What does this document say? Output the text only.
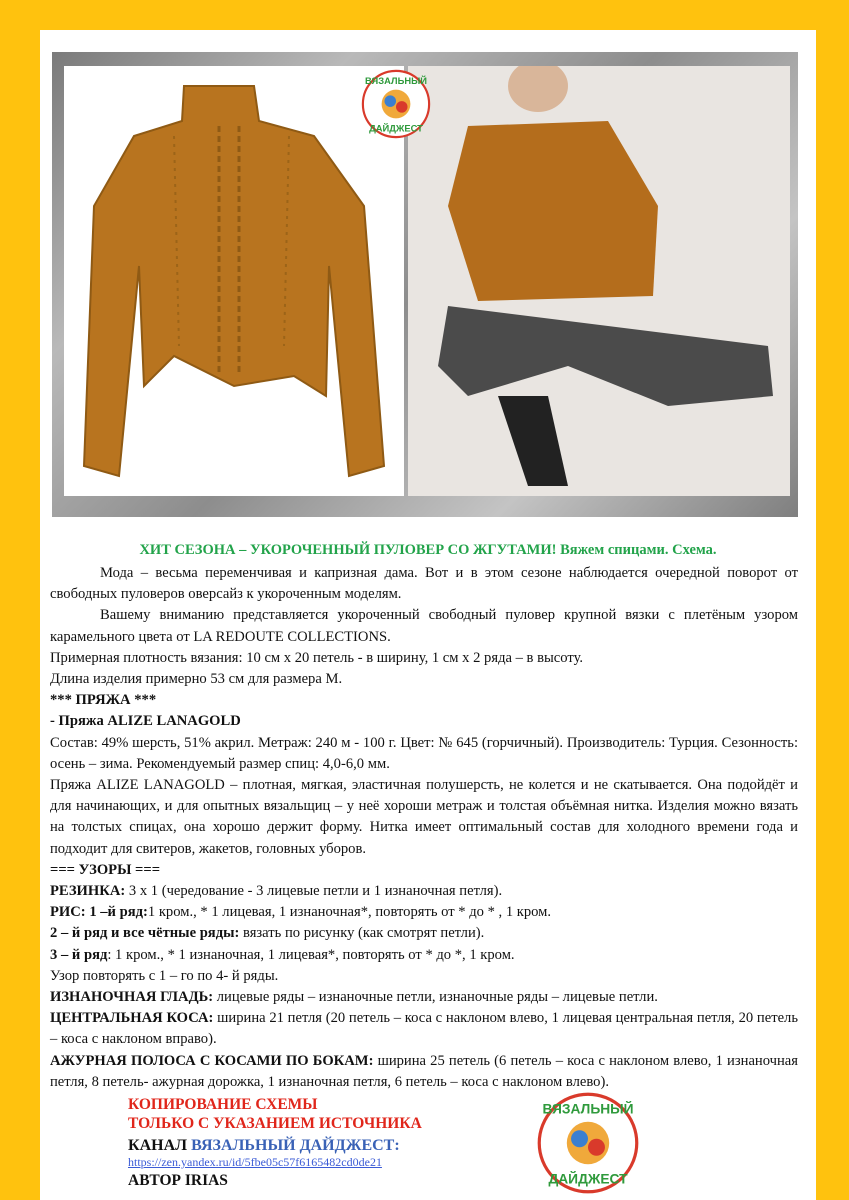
ВЯЗАЛЬНЫЙ
ДАЙДЖЕСТ
ХИТ СЕЗОНА – УКОРОЧЕННЫЙ ПУЛОВЕР СО ЖГУТАМИ! Вяжем спицами. Схема.

Мода – весьма переменчивая и капризная дама. Вот и в этом сезоне наблюдается очередной поворот от свободных пуловеров оверсайз к укороченным моделям.

Вашему вниманию представляется укороченный свободный пуловер крупной вязки с плетёным узором карамельного цвета от LA REDOUTE COLLECTIONS.

Примерная плотность вязания: 10 см х 20 петель - в ширину, 1 см х 2 ряда – в высоту.

Длина изделия примерно 53 см для размера M.

*** ПРЯЖА ***

- Пряжа ALIZE LANAGOLD

Состав: 49% шерсть, 51% акрил. Метраж: 240 м - 100 г. Цвет: № 645 (горчичный). Производитель: Турция. Сезонность: осень – зима. Рекомендуемый размер спиц: 4,0-6,0 мм.

Пряжа ALIZE LANAGOLD – плотная, мягкая, эластичная полушерсть, не колется и не скатывается. Она подойдёт и для начинающих, и для опытных вязальщиц – у неё хороши метраж и толстая объёмная нитка. Изделия можно вязать на толстых спицах, она хорошо держит форму. Нитка имеет оптимальный состав для холодного времени года и подходит для свитеров, жакетов, головных уборов.

=== УЗОРЫ ===

РЕЗИНКА: 3 х 1 (чередование - 3 лицевые петли и 1 изнаночная петля).

РИС: 1 –й ряд:1 кром., * 1 лицевая, 1 изнаночная*, повторять от * до * , 1 кром.

2 – й ряд и все чётные ряды: вязать по рисунку (как смотрят петли).

3 – й ряд: 1 кром., * 1 изнаночная, 1 лицевая*, повторять от * до *, 1 кром.

Узор повторять с 1 – го по 4- й ряды.

ИЗНАНОЧНАЯ ГЛАДЬ: лицевые ряды – изнаночные петли, изнаночные ряды – лицевые петли.

ЦЕНТРАЛЬНАЯ КОСА: ширина 21 петля (20 петель – коса с наклоном влево, 1 лицевая центральная петля, 20 петель – коса с наклоном вправо).

АЖУРНАЯ ПОЛОСА С КОСАМИ ПО БОКАМ: ширина 25 петель (6 петель – коса с наклоном влево, 1 изнаночная петля, 8 петель- ажурная дорожка, 1 изнаночная петля, 6 петель – коса с наклоном влево).

КОПИРОВАНИЕ СХЕМЫ
ТОЛЬКО С УКАЗАНИЕМ ИСТОЧНИКА
КАНАЛ ВЯЗАЛЬНЫЙ ДАЙДЖЕСТ:
https://zen.yandex.ru/id/5fbe05c57f6165482cd0de21
АВТОР IRIAS
ВЯЗАЛЬНЫЙ
ДАЙДЖЕСТ
